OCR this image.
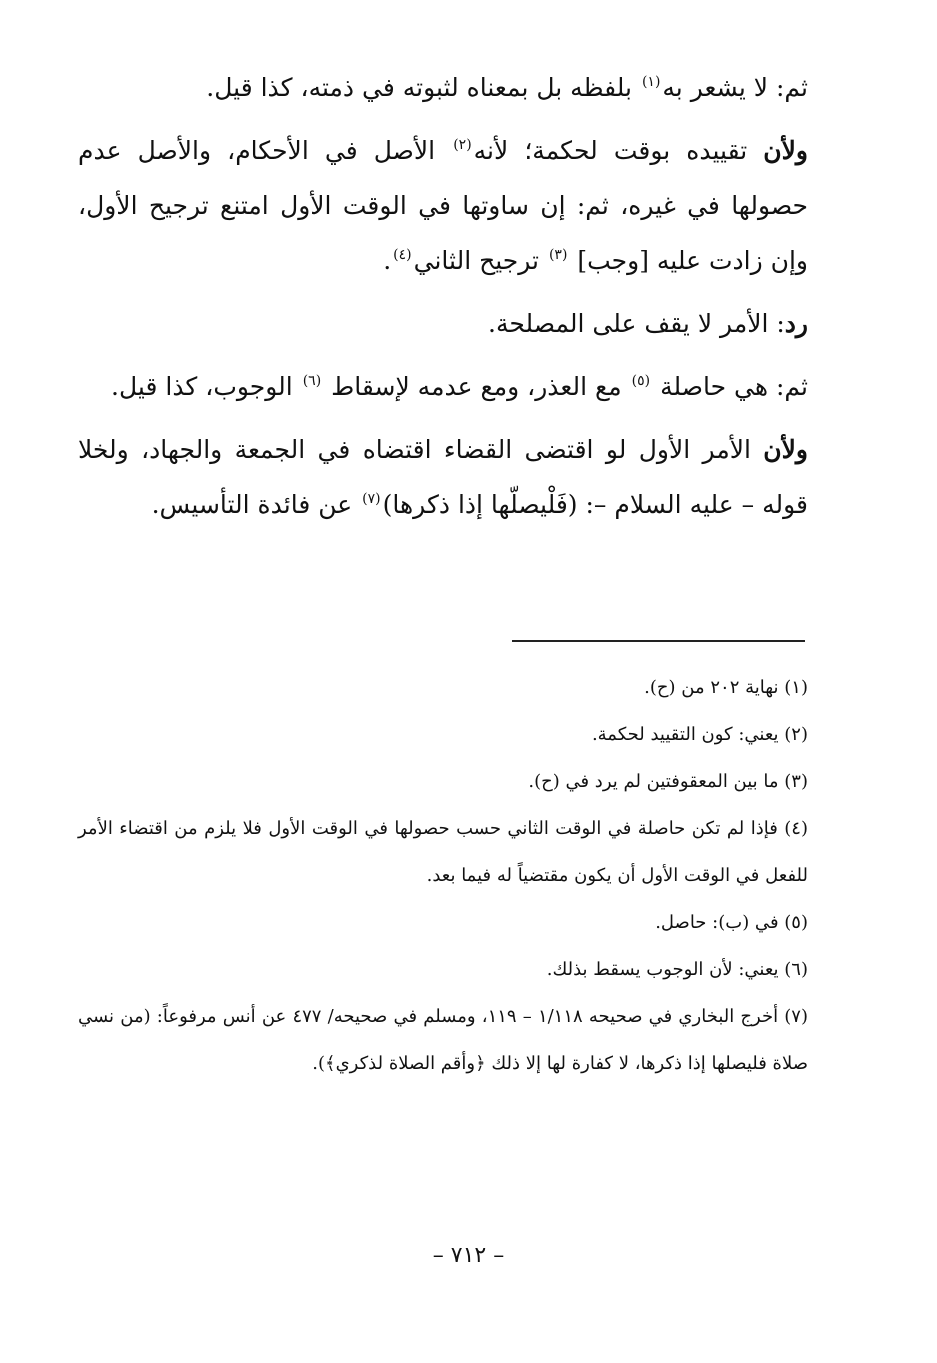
ثم: لا يشعر به$^{(١)}$ بلفظه بل بمعناه لثبوته في ذمته، كذا قيل.

ولأن تقييده بوقت لحكمة؛ لأنه$^{(٢)}$ الأصل في الأحكام، والأصل عدم حصولها في غيره، ثم: إن ساوتها في الوقت الأول امتنع ترجيح الأول، وإن زادت عليه [وجب] $^{(٣)}$ ترجيح الثاني$^{(٤)}$.

رد: الأمر لا يقف على المصلحة.

ثم: هي حاصلة $^{(٥)}$ مع العذر، ومع عدمه لإسقاط $^{(٦)}$ الوجوب، كذا قيل.

ولأن الأمر الأول لو اقتضى القضاء اقتضاه في الجمعة والجهاد، ولخلا قوله – عليه السلام –: (فَلْيصلّها إذا ذكرها)$^{(٧)}$ عن فائدة التأسيس.

(١) نهاية ٢٠٢ من (ح).

(٢) يعني: كون التقييد لحكمة.

(٣) ما بين المعقوفتين لم يرد في (ح).

(٤) فإذا لم تكن حاصلة في الوقت الثاني حسب حصولها في الوقت الأول فلا يلزم من اقتضاء الأمر للفعل في الوقت الأول أن يكون مقتضياً له فيما بعد.

(٥) في (ب): حاصل.

(٦) يعني: لأن الوجوب يسقط بذلك.

(٧) أخرج البخاري في صحيحه ١/١١٨ – ١١٩، ومسلم في صحيحه/ ٤٧٧ عن أنس مرفوعاً: (من نسي صلاة فليصلها إذا ذكرها، لا كفارة لها إلا ذلك ﴿وأقم الصلاة لذكري﴾).

– ٧١٢ –
